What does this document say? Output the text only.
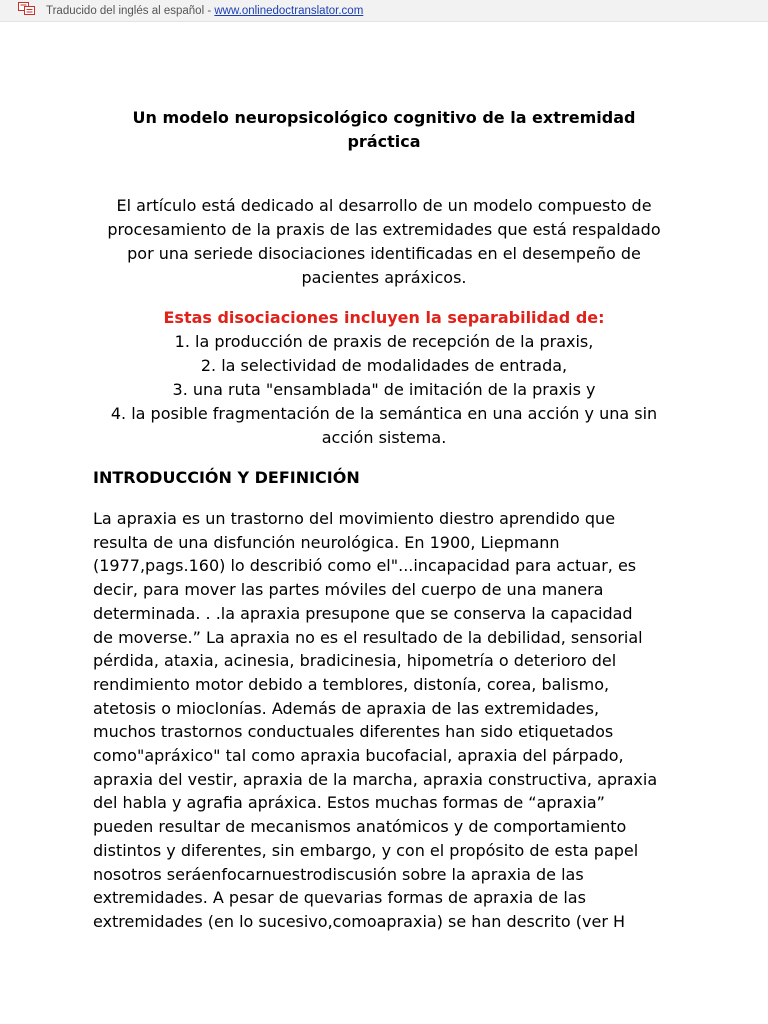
Traducido del inglés al español - www.onlinedoctranslator.com
Un modelo neuropsicológico cognitivo de la extremidad
práctica
El artículo está dedicado al desarrollo de un modelo compuesto de
procesamiento de la praxis de las extremidades que está respaldado
por una seriede disociaciones identificadas en el desempeño de
pacientes apráxicos.
Estas disociaciones incluyen la separabilidad de:
1. la producción de praxis de recepción de la praxis,
2. la selectividad de modalidades de entrada,
3. una ruta "ensamblada" de imitación de la praxis y
4. la posible fragmentación de la semántica en una acción y una sin
acción sistema.
INTRODUCCIÓN Y DEFINICIÓN
La apraxia es un trastorno del movimiento diestro aprendido que
resulta de una disfunción neurológica. En 1900, Liepmann
(1977,pags.160) lo describió como el"...incapacidad para actuar, es
decir, para mover las partes móviles del cuerpo de una manera
determinada. . .la apraxia presupone que se conserva la capacidad
de moverse.” La apraxia no es el resultado de la debilidad, sensorial
pérdida, ataxia, acinesia, bradicinesia, hipometría o deterioro del
rendimiento motor debido a temblores, distonía, corea, balismo,
atetosis o mioclonías. Además de apraxia de las extremidades,
muchos trastornos conductuales diferentes han sido etiquetados
como"apráxico" tal como apraxia bucofacial, apraxia del párpado,
apraxia del vestir, apraxia de la marcha, apraxia constructiva, apraxia
del habla y agrafia apráxica. Estos muchas formas de “apraxia”
pueden resultar de mecanismos anatómicos y de comportamiento
distintos y diferentes, sin embargo, y con el propósito de esta papel
nosotros seráenfocarnuestrodiscusión sobre la apraxia de las
extremidades. A pesar de quevarias formas de apraxia de las
extremidades (en lo sucesivo,comoapraxia) se han descrito (ver H
